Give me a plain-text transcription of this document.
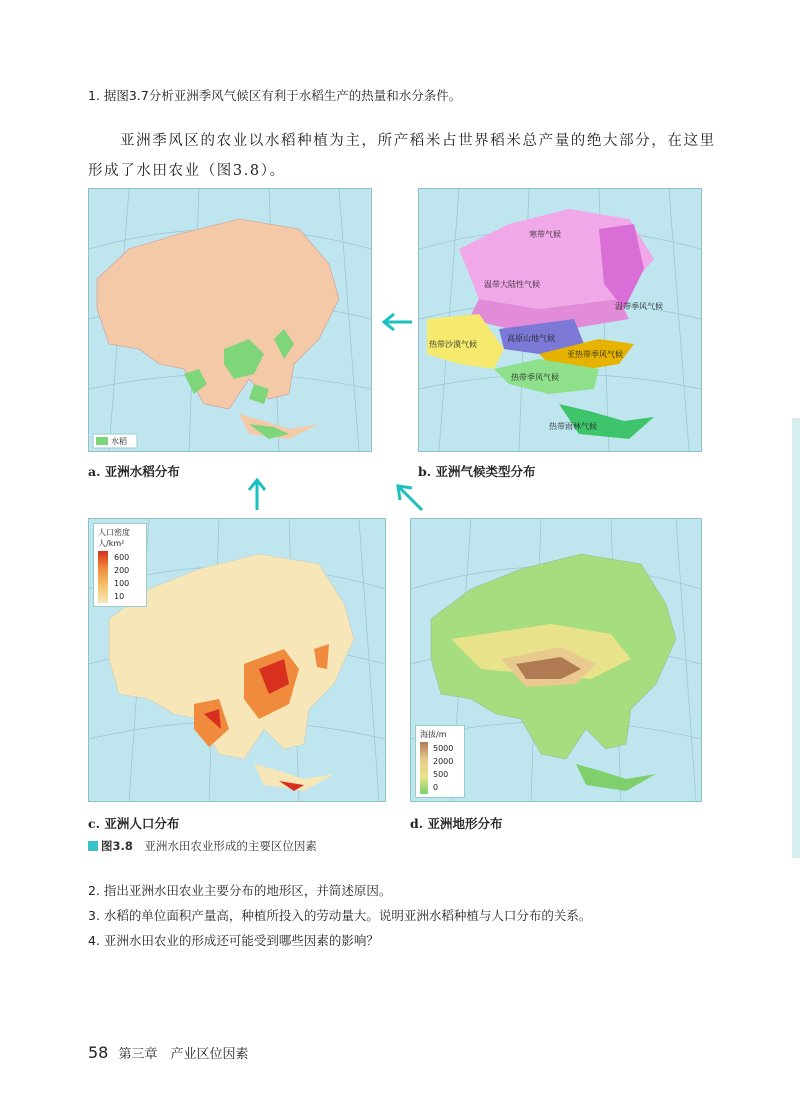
1. 据图3.7分析亚洲季风气候区有利于水稻生产的热量和水分条件。
亚洲季风区的农业以水稻种植为主，所产稻米占世界稻米总产量的绝大部分，在这里形成了水田农业（图3.8）。
水稻
寒带气候
温带大陆性气候
温带季风气候
亚热带季风气候
高原山地气候
热带沙漠气候
热带季风气候
热带雨林气候
a. 亚洲水稻分布	b. 亚洲气候类型分布
人口密度
人/km²
600
200
100
10
海拔/m
5000
2000
500
0
c. 亚洲人口分布	d. 亚洲地形分布
图3.8　 亚洲水田农业形成的主要区位因素
2. 指出亚洲水田农业主要分布的地形区，并简述原因。
3. 水稻的单位面积产量高，种植所投入的劳动量大。说明亚洲水稻种植与人口分布的关系。
4. 亚洲水田农业的形成还可能受到哪些因素的影响？
58 第三章　产业区位因素
